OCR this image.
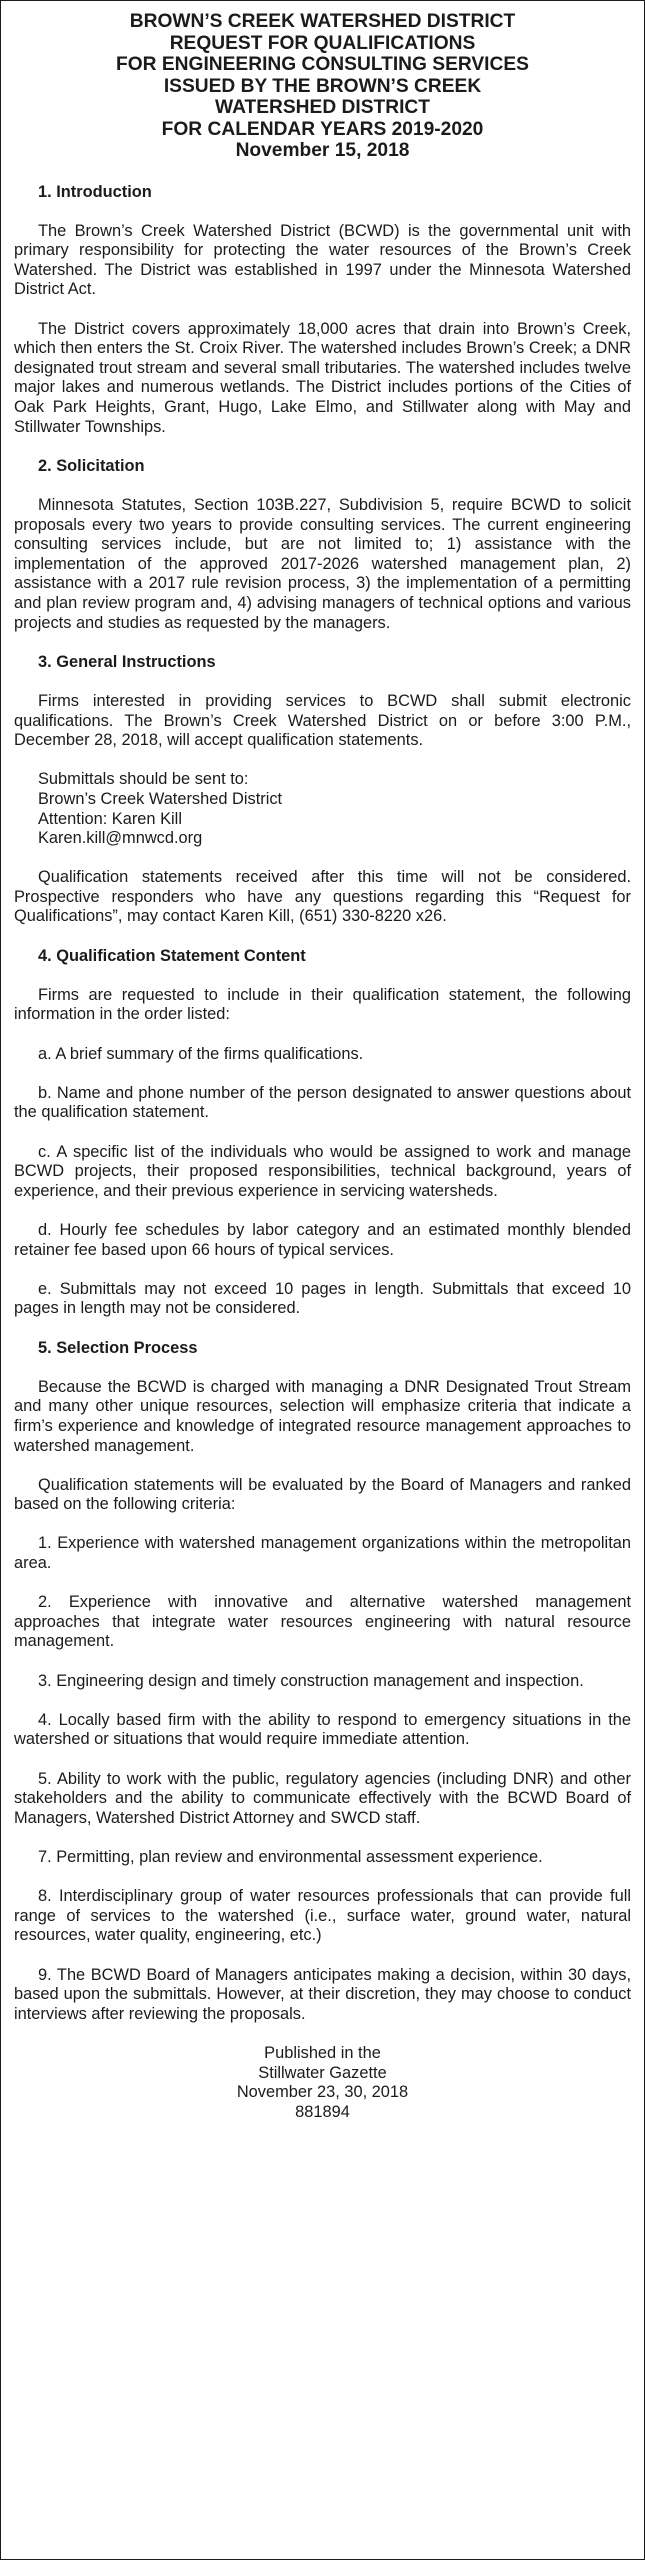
BROWN’S CREEK WATERSHED DISTRICT
REQUEST FOR QUALIFICATIONS
FOR ENGINEERING CONSULTING SERVICES
ISSUED BY THE BROWN’S CREEK
WATERSHED DISTRICT
FOR CALENDAR YEARS 2019-2020
November 15, 2018
1. Introduction

The Brown’s Creek Watershed District (BCWD) is the governmental unit with primary responsibility for protecting the water resources of the Brown’s Creek Watershed. The District was established in 1997 under the Minnesota Watershed District Act.

The District covers approximately 18,000 acres that drain into Brown’s Creek, which then enters the St. Croix River. The watershed includes Brown’s Creek; a DNR designated trout stream and several small tributaries. The watershed includes twelve major lakes and numerous wetlands. The District includes portions of the Cities of Oak Park Heights, Grant, Hugo, Lake Elmo, and Stillwater along with May and Stillwater Townships.

2. Solicitation

Minnesota Statutes, Section 103B.227, Subdivision 5, require BCWD to solicit proposals every two years to provide consulting services. The current engineering consulting services include, but are not limited to; 1) assistance with the implementation of the approved 2017-2026 watershed management plan, 2) assistance with a 2017 rule revision process, 3) the implementation of a permitting and plan review program and, 4) advising managers of technical options and various projects and studies as requested by the managers.

3. General Instructions

Firms interested in providing services to BCWD shall submit electronic qualifications. The Brown’s Creek Watershed District on or before 3:00 P.M., December 28, 2018, will accept qualification statements.

Submittals should be sent to:
Brown’s Creek Watershed District
Attention: Karen Kill
Karen.kill@mnwcd.org

Qualification statements received after this time will not be considered. Prospective responders who have any questions regarding this “Request for Qualifications”, may contact Karen Kill, (651) 330-8220 x26.

4. Qualification Statement Content

Firms are requested to include in their qualification statement, the following information in the order listed:

a. A brief summary of the firms qualifications.

b. Name and phone number of the person designated to answer questions about the qualification statement.

c. A specific list of the individuals who would be assigned to work and manage BCWD projects, their proposed responsibilities, technical background, years of experience, and their previous experience in servicing watersheds.

d. Hourly fee schedules by labor category and an estimated monthly blended retainer fee based upon 66 hours of typical services.

e. Submittals may not exceed 10 pages in length. Submittals that exceed 10 pages in length may not be considered.

5. Selection Process

Because the BCWD is charged with managing a DNR Designated Trout Stream and many other unique resources, selection will emphasize criteria that indicate a firm’s experience and knowledge of integrated resource management approaches to watershed management.

Qualification statements will be evaluated by the Board of Managers and ranked based on the following criteria:

1. Experience with watershed management organizations within the metropolitan area.

2. Experience with innovative and alternative watershed management approaches that integrate water resources engineering with natural resource management.

3. Engineering design and timely construction management and inspection.

4. Locally based firm with the ability to respond to emergency situations in the watershed or situations that would require immediate attention.

5. Ability to work with the public, regulatory agencies (including DNR) and other stakeholders and the ability to communicate effectively with the BCWD Board of Managers, Watershed District Attorney and SWCD staff.

7. Permitting, plan review and environmental assessment experience.

8. Interdisciplinary group of water resources professionals that can provide full range of services to the watershed (i.e., surface water, ground water, natural resources, water quality, engineering, etc.)

9. The BCWD Board of Managers anticipates making a decision, within 30 days, based upon the submittals. However, at their discretion, they may choose to conduct interviews after reviewing the proposals.

Published in the
Stillwater Gazette
November 23, 30, 2018
881894
